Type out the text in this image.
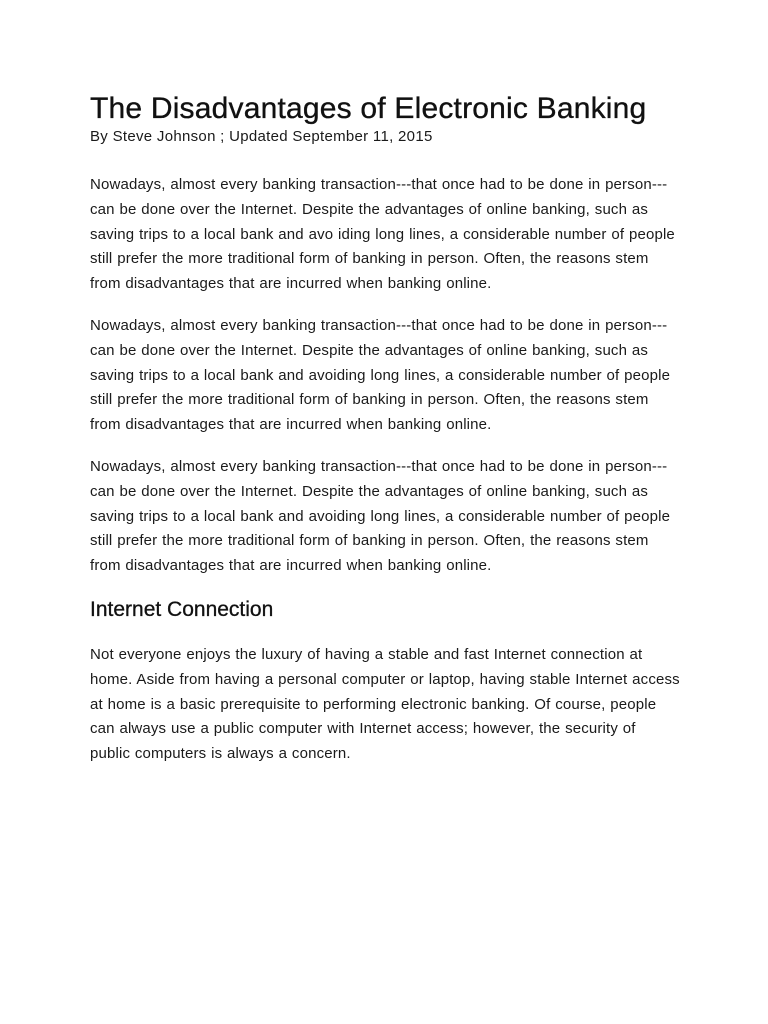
The Disadvantages of Electronic Banking

By Steve Johnson ; Updated September 11, 2015

Nowadays, almost every banking transaction---that once had to be done in person---can be done over the Internet. Despite the advantages of online banking, such as saving trips to a local bank and avo iding long lines, a considerable number of people still prefer the more traditional form of banking in person. Often, the reasons stem from disadvantages that are incurred when banking online.

Nowadays, almost every banking transaction---that once had to be done in person---can be done over the Internet. Despite the advantages of online banking, such as saving trips to a local bank and avoiding long lines, a considerable number of people still prefer the more traditional form of banking in person. Often, the reasons stem from disadvantages that are incurred when banking online.

Nowadays, almost every banking transaction---that once had to be done in person---can be done over the Internet. Despite the advantages of online banking, such as saving trips to a local bank and avoiding long lines, a considerable number of people still prefer the more traditional form of banking in person. Often, the reasons stem from disadvantages that are incurred when banking online.

Internet Connection

Not everyone enjoys the luxury of having a stable and fast Internet connection at home. Aside from having a personal computer or laptop, having stable Internet access at home is a basic prerequisite to performing electronic banking. Of course, people can always use a public computer with Internet access; however, the security of public computers is always a concern.
